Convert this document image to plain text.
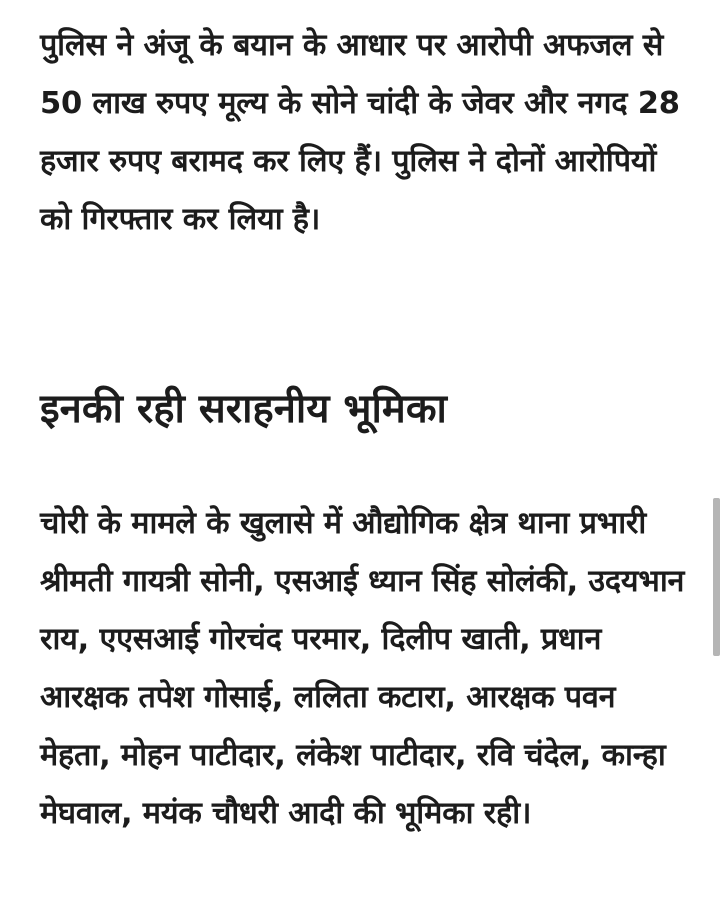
पुलिस ने अंजू के बयान के आधार पर आरोपी अफजल से 50 लाख रुपए मूल्य के सोने चांदी के जेवर और नगद 28 हजार रुपए बरामद कर लिए हैं। पुलिस ने दोनों आरोपियों को गिरफ्तार कर लिया है।

इनकी रही सराहनीय भूमिका

चोरी के मामले के खुलासे में औद्योगिक क्षेत्र थाना प्रभारी श्रीमती गायत्री सोनी, एसआई ध्यान सिंह सोलंकी, उदयभान राय, एएसआई गोरचंद परमार, दिलीप खाती, प्रधान आरक्षक तपेश गोसाई, ललिता कटारा, आरक्षक पवन मेहता, मोहन पाटीदार, लंकेश पाटीदार, रवि चंदेल, कान्हा मेघवाल, मयंक चौधरी आदी की भूमिका रही।
